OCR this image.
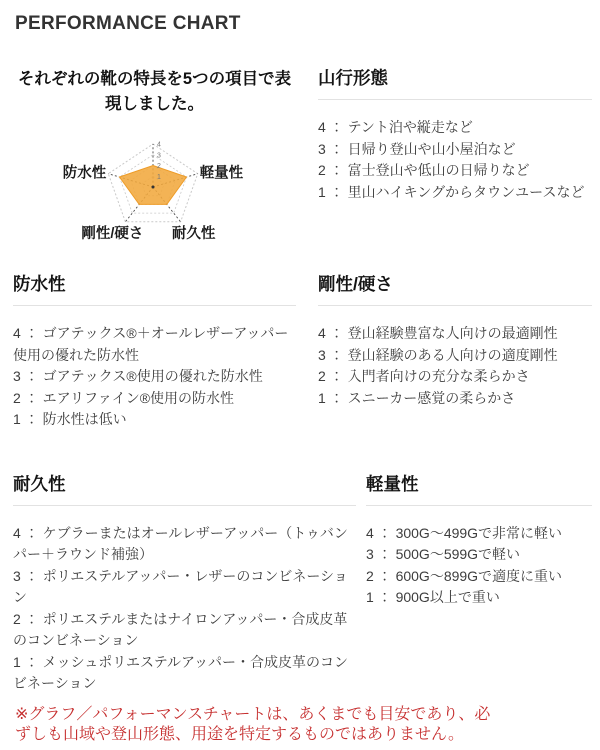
PERFORMANCE CHART

それぞれの靴の特長を5つの項目で表現しました。

1
2
3
4
軽量性
耐久性
剛性/硬さ
防水性
山行形態
4 ： テント泊や縦走など
3 ： 日帰り登山や山小屋泊など
2 ： 富士登山や低山の日帰りなど
1 ： 里山ハイキングからタウンユースなど
防水性
4 ： ゴアテックス®＋オールレザーアッパー使用の優れた防水性
3 ： ゴアテックス®使用の優れた防水性
2 ： エアリファイン®使用の防水性
1 ： 防水性は低い
剛性/硬さ
4 ： 登山経験豊富な人向けの最適剛性
3 ： 登山経験のある人向けの適度剛性
2 ： 入門者向けの充分な柔らかさ
1 ： スニーカー感覚の柔らかさ
耐久性
4 ： ケブラーまたはオールレザーアッパー（トゥバンパー＋ラウンド補強）
3 ： ポリエステルアッパー・レザーのコンビネーション
2 ： ポリエステルまたはナイロンアッパー・合成皮革のコンビネーション
1 ： メッシュポリエステルアッパー・合成皮革のコンビネーション
軽量性
4 ： 300G〜499Gで非常に軽い
3 ： 500G〜599Gで軽い
2 ： 600G〜899Gで適度に重い
1 ： 900G以上で重い

※グラフ／パフォーマンスチャートは、あくまでも目安であり、必ずしも山域や登山形態、用途を特定するものではありません。
